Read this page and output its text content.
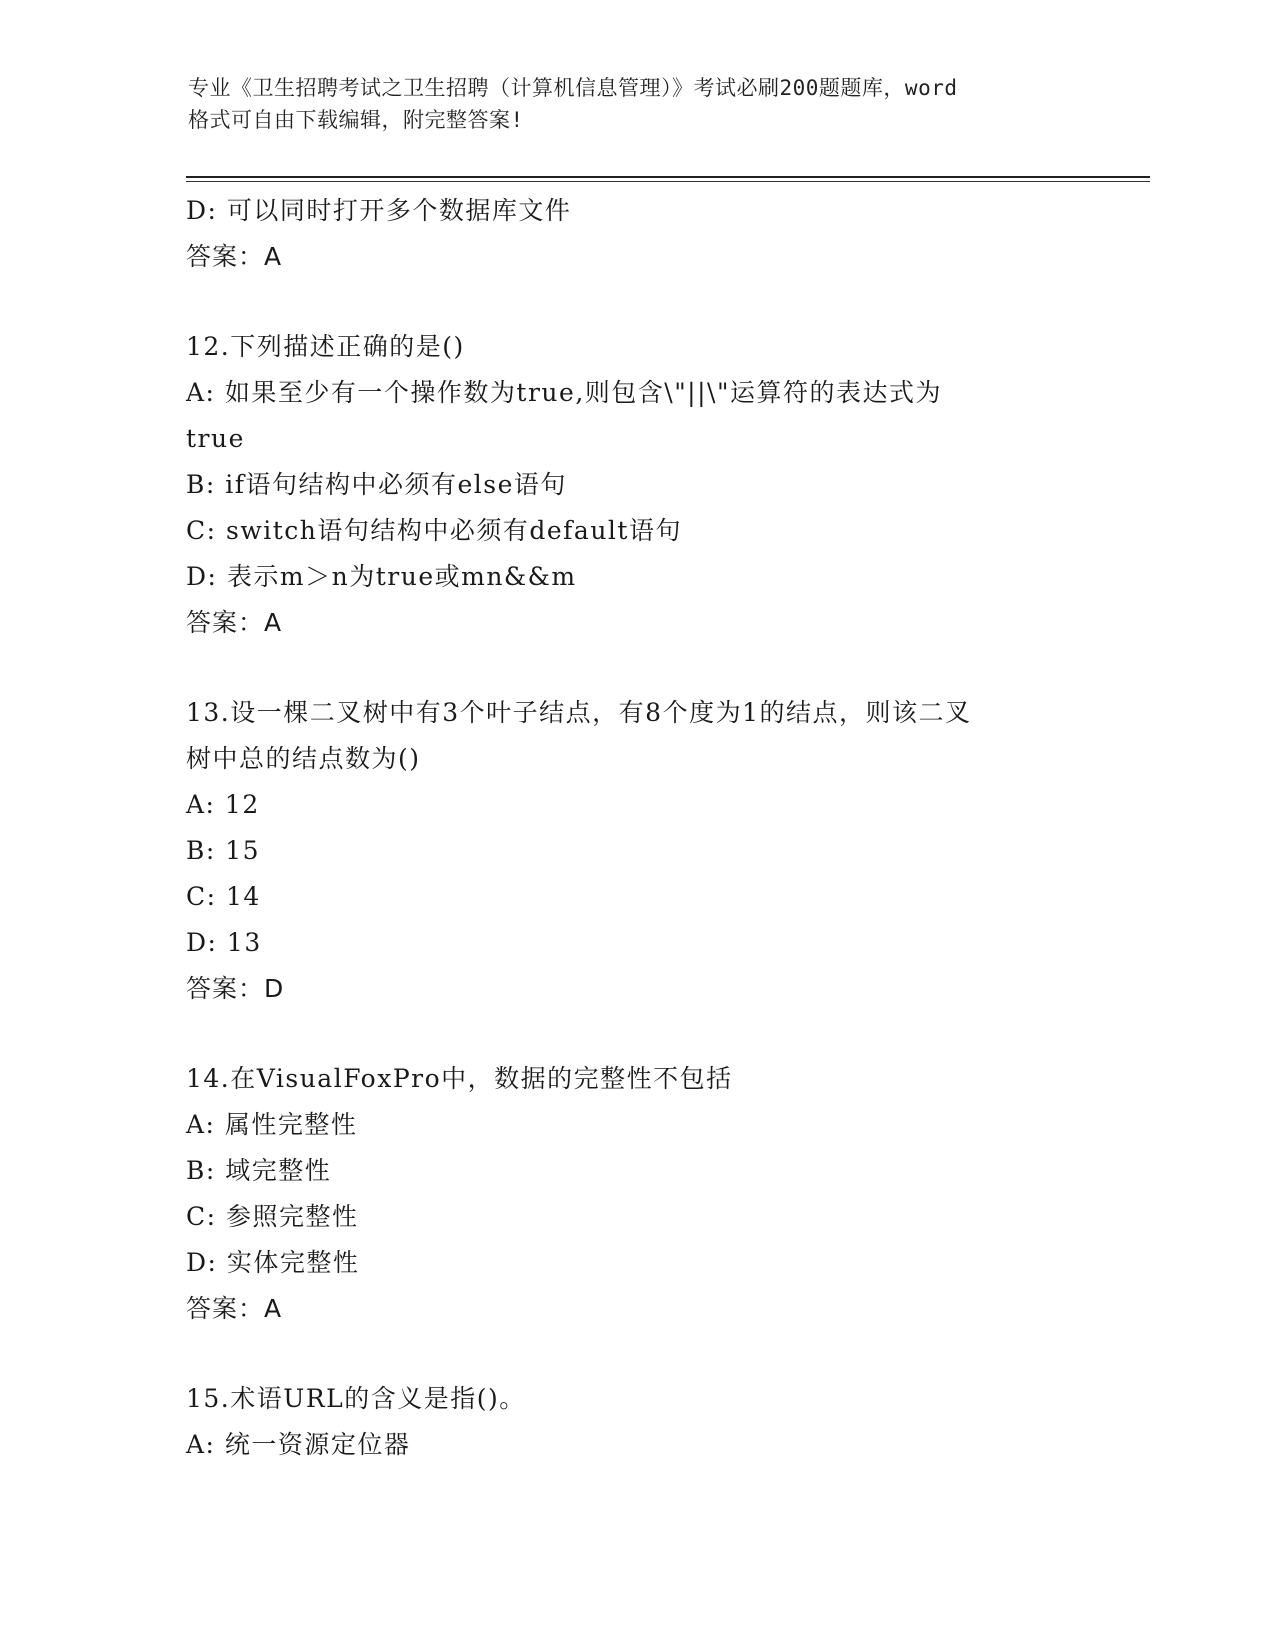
专业《卫生招聘考试之卫生招聘（计算机信息管理）》考试必刷200题题库，word
格式可自由下载编辑，附完整答案!
D: 可以同时打开多个数据库文件
答案：A
12.下列描述正确的是()
A: 如果至少有一个操作数为true,则包含\"||\"运算符的表达式为
true
B: if语句结构中必须有else语句
C: switch语句结构中必须有default语句
D: 表示m＞n为true或mn&&m
答案：A
13.设一棵二叉树中有3个叶子结点，有8个度为1的结点，则该二叉
树中总的结点数为()
A: 12
B: 15
C: 14
D: 13
答案：D
14.在VisualFoxPro中，数据的完整性不包括
A: 属性完整性
B: 域完整性
C: 参照完整性
D: 实体完整性
答案：A
15.术语URL的含义是指()。
A: 统一资源定位器
